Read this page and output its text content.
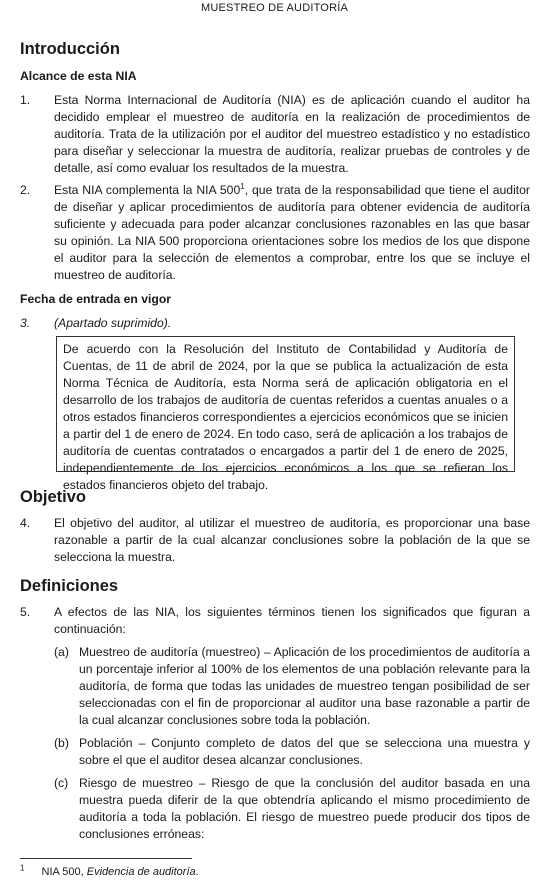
MUESTREO DE AUDITORÍA
Introducción
Alcance de esta NIA
1. Esta Norma Internacional de Auditoría (NIA) es de aplicación cuando el auditor ha decidido emplear el muestreo de auditoría en la realización de procedimientos de auditoría. Trata de la utilización por el auditor del muestreo estadístico y no estadístico para diseñar y seleccionar la muestra de auditoría, realizar pruebas de controles y de detalle, así como evaluar los resultados de la muestra.
2. Esta NIA complementa la NIA $500^1$, que trata de la responsabilidad que tiene el auditor de diseñar y aplicar procedimientos de auditoría para obtener evidencia de auditoría suficiente y adecuada para poder alcanzar conclusiones razonables en las que basar su opinión. La NIA 500 proporciona orientaciones sobre los medios de los que dispone el auditor para la selección de elementos a comprobar, entre los que se incluye el muestreo de auditoría.
Fecha de entrada en vigor
3. (Apartado suprimido).
De acuerdo con la Resolución del Instituto de Contabilidad y Auditoría de Cuentas, de 11 de abril de 2024, por la que se publica la actualización de esta Norma Técnica de Auditoría, esta Norma será de aplicación obligatoria en el desarrollo de los trabajos de auditoría de cuentas referidos a cuentas anuales o a otros estados financieros correspondientes a ejercicios económicos que se inicien a partir del 1 de enero de 2024. En todo caso, será de aplicación a los trabajos de auditoría de cuentas contratados o encargados a partir del 1 de enero de 2025, independientemente de los ejercicios económicos a los que se refieran los estados financieros objeto del trabajo.
Objetivo
4. El objetivo del auditor, al utilizar el muestreo de auditoría, es proporcionar una base razonable a partir de la cual alcanzar conclusiones sobre la población de la que se selecciona la muestra.
Definiciones
5. A efectos de las NIA, los siguientes términos tienen los significados que figuran a continuación:
(a) Muestreo de auditoría (muestreo) – Aplicación de los procedimientos de auditoría a un porcentaje inferior al 100% de los elementos de una población relevante para la auditoría, de forma que todas las unidades de muestreo tengan posibilidad de ser seleccionadas con el fin de proporcionar al auditor una base razonable a partir de la cual alcanzar conclusiones sobre toda la población.
(b) Población – Conjunto completo de datos del que se selecciona una muestra y sobre el que el auditor desea alcanzar conclusiones.
(c) Riesgo de muestreo – Riesgo de que la conclusión del auditor basada en una muestra pueda diferir de la que obtendría aplicando el mismo procedimiento de auditoría a toda la población. El riesgo de muestreo puede producir dos tipos de conclusiones erróneas:
$^1$ NIA 500, Evidencia de auditoría.
